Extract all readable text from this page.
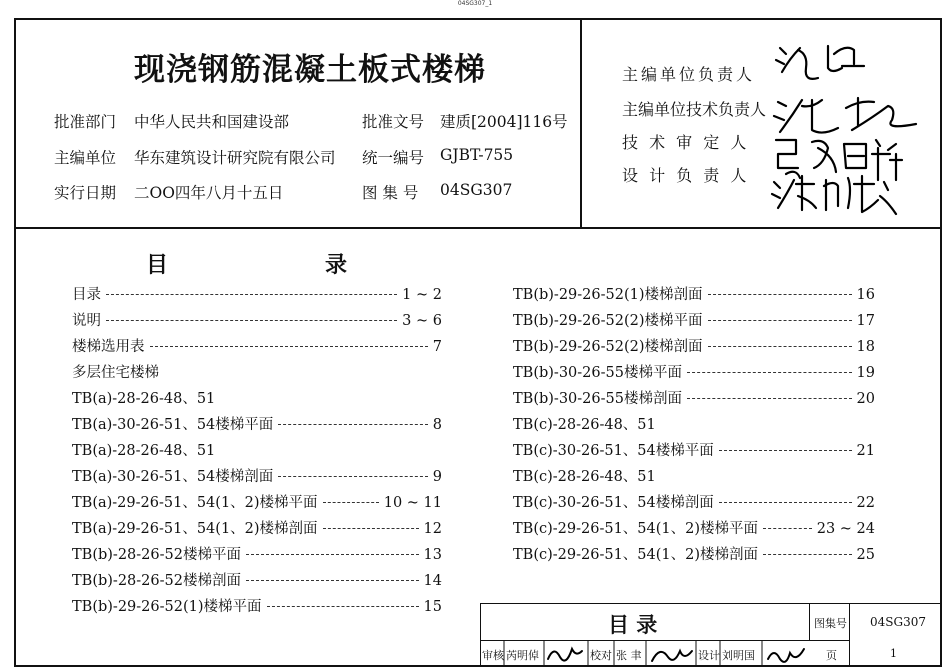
04SG307_1
现浇钢筋混凝土板式楼梯
批准部门 中华人民共和国建设部	批准文号 建质[2004]116号
主编单位 华东建筑设计研究院有限公司 统一编号 GJBT-755
实行日期 二OO四年八月十五日	图 集 号 04SG307
主编单位负责人
主编单位技术负责人
技 术 审 定 人
设 计 负 责 人
目	录
目录	1 ~ 2
说明	3 ~ 6
楼梯选用表	7
多层住宅楼梯
TB(a)-28-26-48、51
TB(a)-30-26-51、54楼梯平面	8
TB(a)-28-26-48、51
TB(a)-30-26-51、54楼梯剖面	9
TB(a)-29-26-51、54(1、2)楼梯平面	10 ~ 11
TB(a)-29-26-51、54(1、2)楼梯剖面	12
TB(b)-28-26-52楼梯平面	13
TB(b)-28-26-52楼梯剖面	14
TB(b)-29-26-52(1)楼梯平面	15
TB(b)-29-26-52(1)楼梯剖面	16
TB(b)-29-26-52(2)楼梯平面	17
TB(b)-29-26-52(2)楼梯剖面	18
TB(b)-30-26-55楼梯平面	19
TB(b)-30-26-55楼梯剖面	20
TB(c)-28-26-48、51
TB(c)-30-26-51、54楼梯平面	21
TB(c)-28-26-48、51
TB(c)-30-26-51、54楼梯剖面	22
TB(c)-29-26-51、54(1、2)楼梯平面	23 ~ 24
TB(c)-29-26-51、54(1、2)楼梯剖面	25
目 录	图集号 04SG307
页	1
审核 芮明倬	校对 张 聿	设计 刘明国
